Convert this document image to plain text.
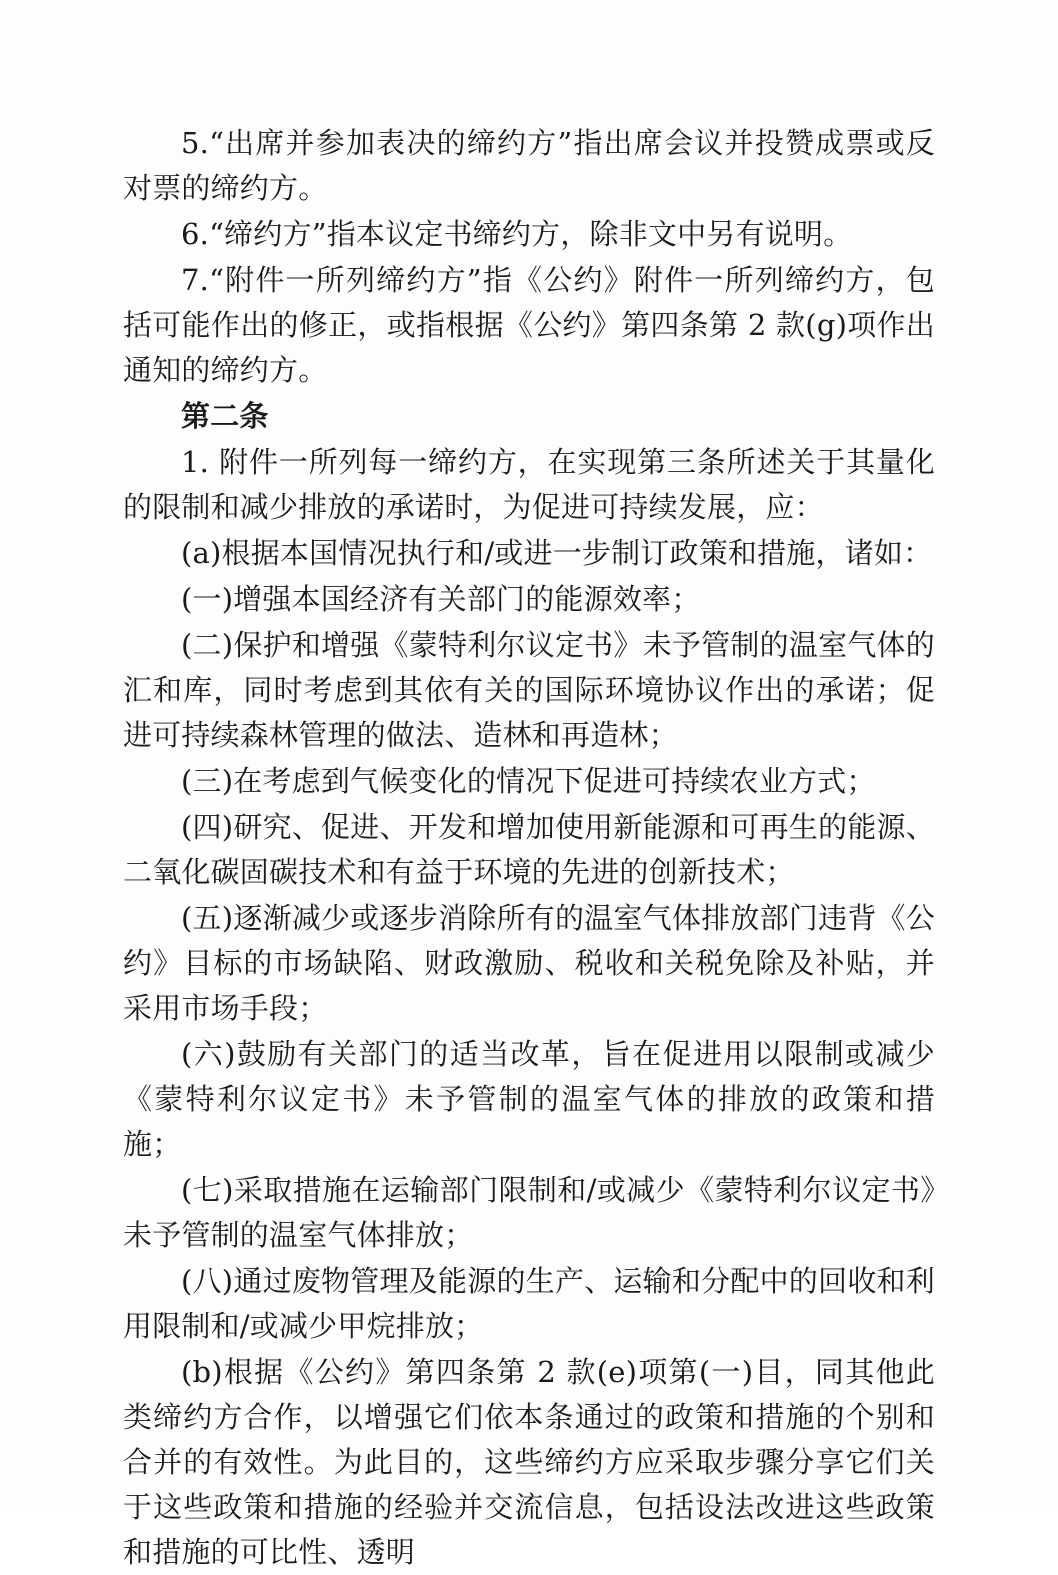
5.“出席并参加表决的缔约方”指出席会议并投赞成票或反对票的缔约方。

6.“缔约方”指本议定书缔约方，除非文中另有说明。

7.“附件一所列缔约方”指《公约》附件一所列缔约方，包括可能作出的修正，或指根据《公约》第四条第 2 款(g)项作出通知的缔约方。

第二条

1. 附件一所列每一缔约方，在实现第三条所述关于其量化的限制和减少排放的承诺时，为促进可持续发展，应：

(a)根据本国情况执行和/或进一步制订政策和措施，诸如：

(一)增强本国经济有关部门的能源效率；

(二)保护和增强《蒙特利尔议定书》未予管制的温室气体的汇和库，同时考虑到其依有关的国际环境协议作出的承诺；促进可持续森林管理的做法、造林和再造林；

(三)在考虑到气候变化的情况下促进可持续农业方式；

(四)研究、促进、开发和增加使用新能源和可再生的能源、二氧化碳固碳技术和有益于环境的先进的创新技术；

(五)逐渐减少或逐步消除所有的温室气体排放部门违背《公约》目标的市场缺陷、财政激励、税收和关税免除及补贴，并采用市场手段；

(六)鼓励有关部门的适当改革，旨在促进用以限制或减少《蒙特利尔议定书》未予管制的温室气体的排放的政策和措施；

(七)采取措施在运输部门限制和/或减少《蒙特利尔议定书》未予管制的温室气体排放；

(八)通过废物管理及能源的生产、运输和分配中的回收和利用限制和/或减少甲烷排放；

(b)根据《公约》第四条第 2 款(e)项第(一)目，同其他此类缔约方合作，以增强它们依本条通过的政策和措施的个别和合并的有效性。为此目的，这些缔约方应采取步骤分享它们关于这些政策和措施的经验并交流信息，包括设法改进这些政策和措施的可比性、透明
